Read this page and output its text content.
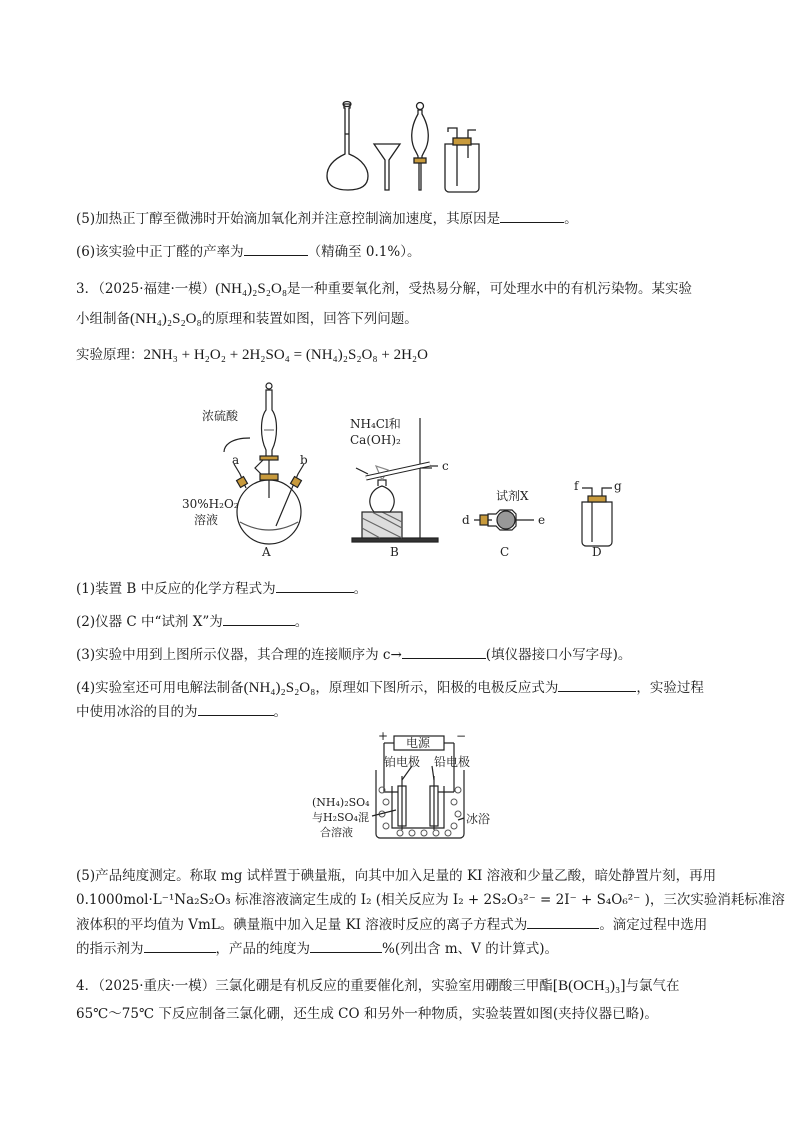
(5)加热正丁醇至微沸时开始滴加氧化剂并注意控制滴加速度，其原因是	。
(6)该实验中正丁醛的产率为	（精确至 0.1%）。
3．（2025·福建·一模）(NH₄)₂S₂O₈是一种重要氧化剂，受热易分解，可处理水中的有机污染物。某实验
小组制备(NH₄)₂S₂O₈的原理和装置如图，回答下列问题。
实验原理：2NH₃ + H₂O₂ + 2H₂SO₄ = (NH₄)₂S₂O₈ + 2H₂O
浓硫酸
a	b
30%H₂O₂
溶液
A
NH₄Cl和
Ca(OH)₂
c
B
试剂X
d	e
C
f	g
D
(1)装置 B 中反应的化学方程式为	。
(2)仪器 C 中“试剂 X”为	。
(3)实验中用到上图所示仪器，其合理的连接顺序为 c→	(填仪器接口小写字母)。
(4)实验室还可用电解法制备(NH₄)₂S₂O₈，原理如下图所示，阳极的电极反应式为	，实验过程
中使用冰浴的目的为	。
电源
+	−
铂电极 铅电极
(NH₄)₂SO₄
与H₂SO₄混
合溶液
冰浴
(5)产品纯度测定。称取 mg 试样置于碘量瓶，向其中加入足量的 KI 溶液和少量乙酸，暗处静置片刻，再用
0.1000mol·L⁻¹Na₂S₂O₃ 标准溶液滴定生成的 I₂ (相关反应为 I₂ + 2S₂O₃²⁻ = 2I⁻ + S₄O₆²⁻ )，三次实验消耗标准溶
液体积的平均值为 VmL。碘量瓶中加入足量 KI 溶液时反应的离子方程式为	。滴定过程中选用
的指示剂为	，产品的纯度为	%(列出含 m、V 的计算式)。
4．（2025·重庆·一模）三氯化硼是有机反应的重要催化剂，实验室用硼酸三甲酯[B(OCH₃)₃]与氯气在
65℃～75℃ 下反应制备三氯化硼，还生成 CO 和另外一种物质，实验装置如图(夹持仪器已略)。
